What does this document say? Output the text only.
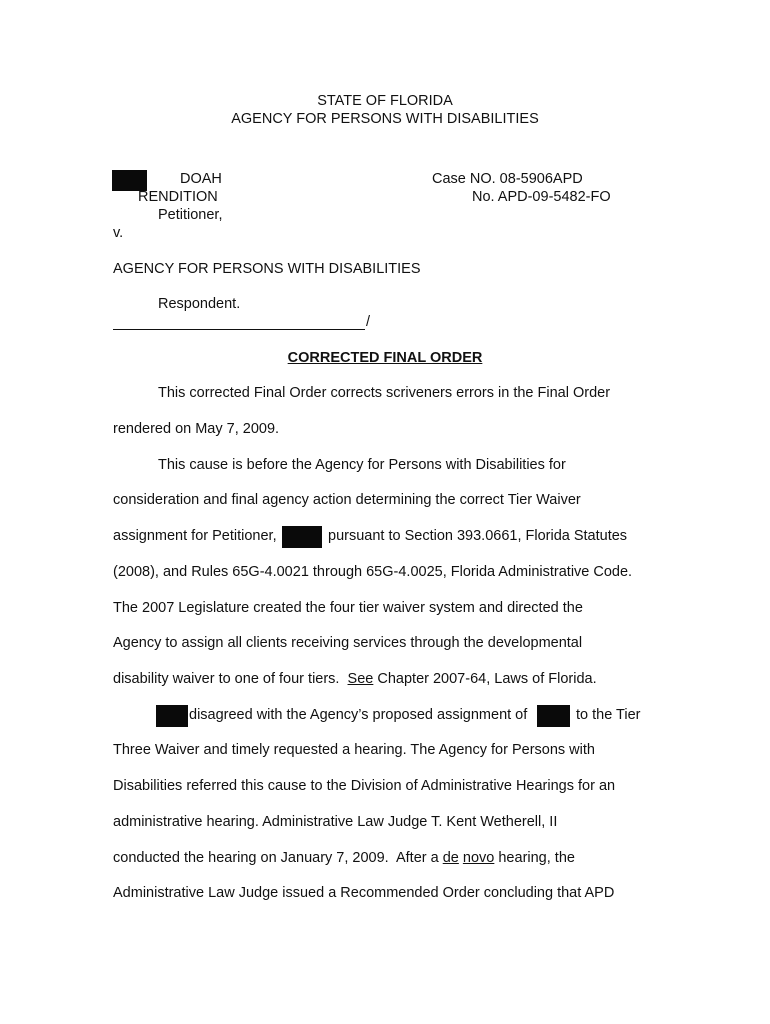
STATE OF FLORIDA
AGENCY FOR PERSONS WITH DISABILITIES
DOAH
RENDITION
Petitioner,
v.
Case NO. 08-5906APD
No. APD-09-5482-FO
AGENCY FOR PERSONS WITH DISABILITIES
Respondent.
/
CORRECTED FINAL ORDER
This corrected Final Order corrects scriveners errors in the Final Order
rendered on May 7, 2009.
This cause is before the Agency for Persons with Disabilities for
consideration and final agency action determining the correct Tier Waiver
assignment for Petitioner,	pursuant to Section 393.0661, Florida Statutes
(2008), and Rules 65G-4.0021 through 65G-4.0025, Florida Administrative Code.
The 2007 Legislature created the four tier waiver system and directed the
Agency to assign all clients receiving services through the developmental
disability waiver to one of four tiers.  See Chapter 2007-64, Laws of Florida.
disagreed with the Agency’s proposed assignment of	to the Tier
Three Waiver and timely requested a hearing. The Agency for Persons with
Disabilities referred this cause to the Division of Administrative Hearings for an
administrative hearing. Administrative Law Judge T. Kent Wetherell, II
conducted the hearing on January 7, 2009.  After a de novo hearing, the
Administrative Law Judge issued a Recommended Order concluding that APD
